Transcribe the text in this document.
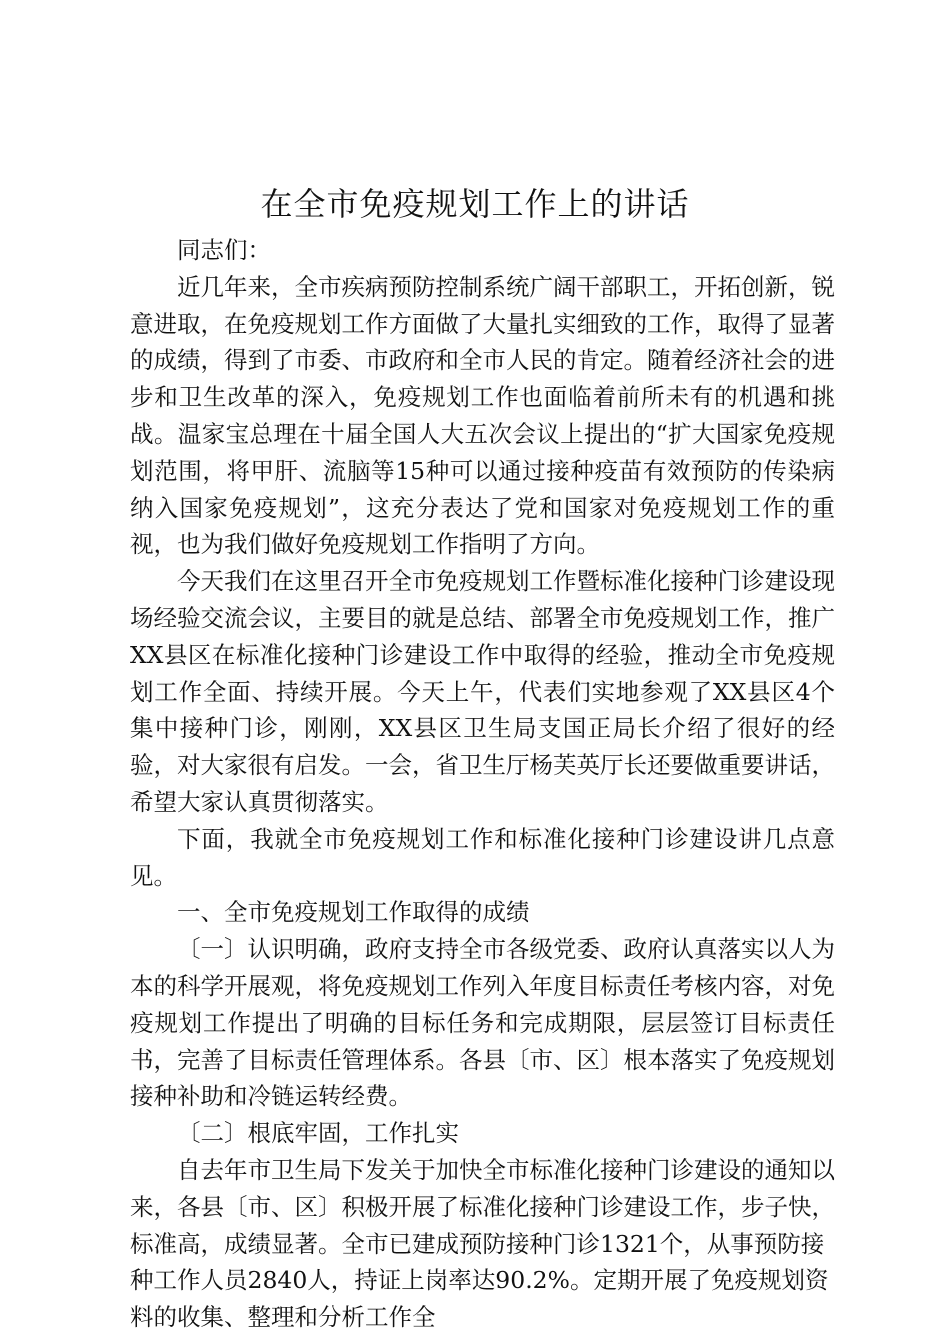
在全市免疫规划工作上的讲话

同志们：

近几年来，全市疾病预防控制系统广阔干部职工，开拓创新，锐意进取，在免疫规划工作方面做了大量扎实细致的工作，取得了显著的成绩，得到了市委、市政府和全市人民的肯定。随着经济社会的进步和卫生改革的深入，免疫规划工作也面临着前所未有的机遇和挑战。温家宝总理在十届全国人大五次会议上提出的“扩大国家免疫规划范围，将甲肝、流脑等15种可以通过接种疫苗有效预防的传染病纳入国家免疫规划”，这充分表达了党和国家对免疫规划工作的重视，也为我们做好免疫规划工作指明了方向。

今天我们在这里召开全市免疫规划工作暨标准化接种门诊建设现场经验交流会议，主要目的就是总结、部署全市免疫规划工作，推广XX县区在标准化接种门诊建设工作中取得的经验，推动全市免疫规划工作全面、持续开展。今天上午，代表们实地参观了XX县区4个集中接种门诊，刚刚，XX县区卫生局支国正局长介绍了很好的经验，对大家很有启发。一会，省卫生厅杨芙英厅长还要做重要讲话，希望大家认真贯彻落实。

下面，我就全市免疫规划工作和标准化接种门诊建设讲几点意见。

一、全市免疫规划工作取得的成绩

〔一〕认识明确，政府支持全市各级党委、政府认真落实以人为本的科学开展观，将免疫规划工作列入年度目标责任考核内容，对免疫规划工作提出了明确的目标任务和完成期限，层层签订目标责任书，完善了目标责任管理体系。各县〔市、区〕根本落实了免疫规划接种补助和冷链运转经费。

〔二〕根底牢固，工作扎实

自去年市卫生局下发关于加快全市标准化接种门诊建设的通知以来，各县〔市、区〕积极开展了标准化接种门诊建设工作，步子快，标准高，成绩显著。全市已建成预防接种门诊1321个，从事预防接种工作人员2840人，持证上岗率达90.2%。定期开展了免疫规划资料的收集、整理和分析工作全
